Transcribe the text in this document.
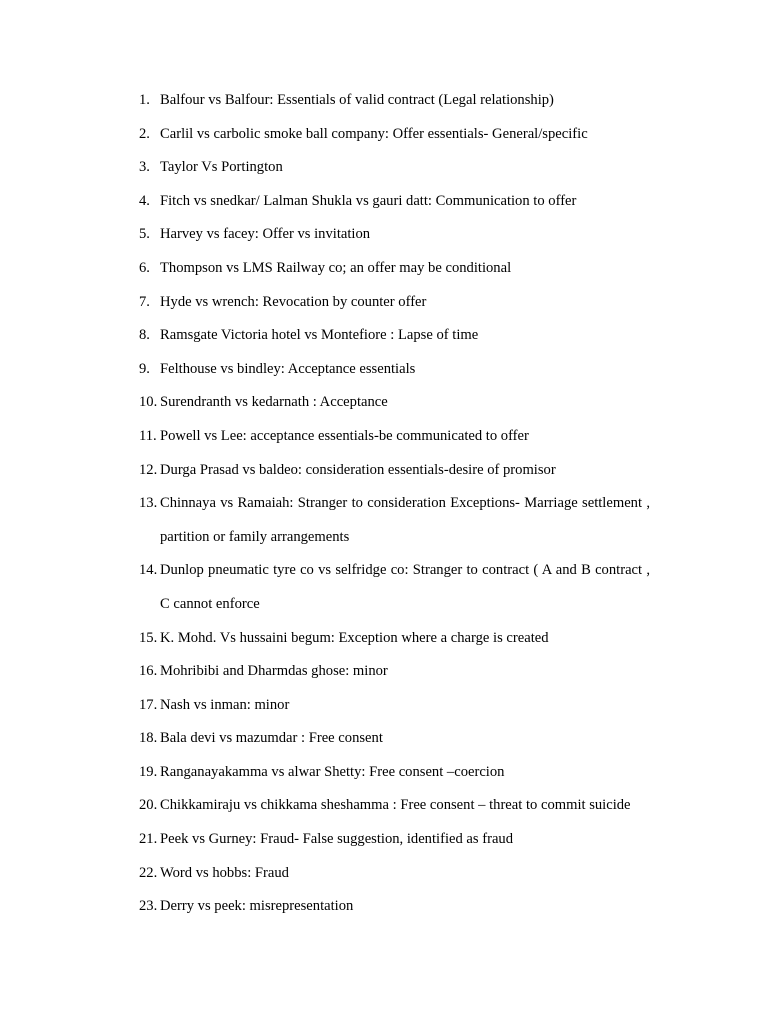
1. Balfour vs Balfour: Essentials of valid contract (Legal relationship)
2. Carlil vs carbolic smoke ball company: Offer essentials- General/specific
3. Taylor Vs Portington
4. Fitch vs snedkar/ Lalman Shukla vs gauri datt: Communication to offer
5. Harvey vs facey: Offer vs invitation
6. Thompson vs LMS Railway co; an offer may be conditional
7. Hyde vs wrench: Revocation by counter offer
8. Ramsgate Victoria hotel vs Montefiore : Lapse of time
9. Felthouse vs bindley: Acceptance essentials
10. Surendranth vs kedarnath : Acceptance
11. Powell vs Lee: acceptance essentials-be communicated to offer
12. Durga Prasad vs baldeo: consideration essentials-desire of promisor
13. Chinnaya vs Ramaiah: Stranger to consideration Exceptions- Marriage settlement , partition or family arrangements
14. Dunlop pneumatic tyre co vs selfridge co: Stranger to contract ( A and B contract , C cannot enforce
15. K. Mohd. Vs hussaini begum: Exception where a charge is created
16. Mohribibi and Dharmdas ghose: minor
17. Nash vs inman: minor
18. Bala devi vs mazumdar : Free consent
19. Ranganayakamma vs alwar Shetty: Free consent –coercion
20. Chikkamiraju vs chikkama sheshamma : Free consent – threat to commit suicide
21. Peek vs Gurney: Fraud- False suggestion, identified as fraud
22. Word vs hobbs: Fraud
23. Derry vs peek: misrepresentation
